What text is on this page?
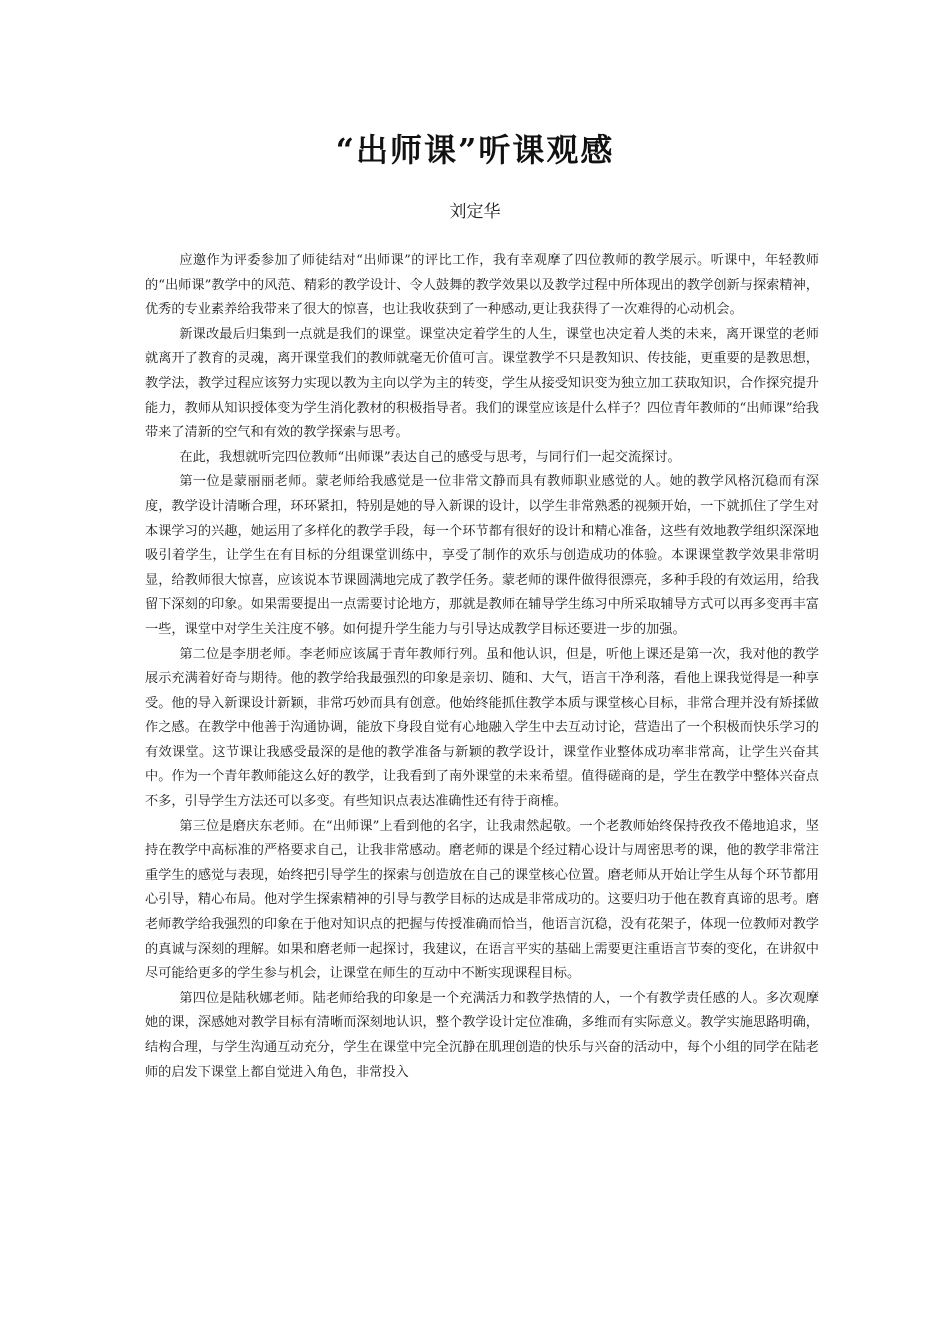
“出师课”听课观感
刘定华

应邀作为评委参加了师徒结对“出师课”的评比工作，我有幸观摩了四位教师的教学展示。听课中，年轻教师的“出师课”教学中的风范、精彩的教学设计、令人鼓舞的教学效果以及教学过程中所体现出的教学创新与探索精神，优秀的专业素养给我带来了很大的惊喜，也让我收获到了一种感动,更让我获得了一次难得的心动机会。

新课改最后归集到一点就是我们的课堂。课堂决定着学生的人生，课堂也决定着人类的未来，离开课堂的老师就离开了教育的灵魂，离开课堂我们的教师就毫无价值可言。课堂教学不只是教知识、传技能，更重要的是教思想，教学法，教学过程应该努力实现以教为主向以学为主的转变，学生从接受知识变为独立加工获取知识，合作探究提升能力，教师从知识授体变为学生消化教材的积极指导者。我们的课堂应该是什么样子？四位青年教师的“出师课”给我带来了清新的空气和有效的教学探索与思考。

在此，我想就听完四位教师“出师课”表达自己的感受与思考，与同行们一起交流探讨。

第一位是蒙丽丽老师。蒙老师给我感觉是一位非常文静而具有教师职业感觉的人。她的教学风格沉稳而有深度，教学设计清晰合理，环环紧扣，特别是她的导入新课的设计，以学生非常熟悉的视频开始，一下就抓住了学生对本课学习的兴趣，她运用了多样化的教学手段，每一个环节都有很好的设计和精心准备，这些有效地教学组织深深地吸引着学生，让学生在有目标的分组课堂训练中，享受了制作的欢乐与创造成功的体验。本课课堂教学效果非常明显，给教师很大惊喜，应该说本节课圆满地完成了教学任务。蒙老师的课件做得很漂亮，多种手段的有效运用，给我留下深刻的印象。如果需要提出一点需要讨论地方，那就是教师在辅导学生练习中所采取辅导方式可以再多变再丰富一些，课堂中对学生关注度不够。如何提升学生能力与引导达成教学目标还要进一步的加强。

第二位是李朋老师。李老师应该属于青年教师行列。虽和他认识，但是，听他上课还是第一次，我对他的教学展示充满着好奇与期待。他的教学给我最强烈的印象是亲切、随和、大气，语言干净利落，看他上课我觉得是一种享受。他的导入新课设计新颖，非常巧妙而具有创意。他始终能抓住教学本质与课堂核心目标，非常合理并没有矫揉做作之感。在教学中他善于沟通协调，能放下身段自觉有心地融入学生中去互动讨论，营造出了一个积极而快乐学习的有效课堂。这节课让我感受最深的是他的教学准备与新颖的教学设计，课堂作业整体成功率非常高，让学生兴奋其中。作为一个青年教师能这么好的教学，让我看到了南外课堂的未来希望。值得磋商的是，学生在教学中整体兴奋点不多，引导学生方法还可以多变。有些知识点表达准确性还有待于商榷。

第三位是磨庆东老师。在“出师课”上看到他的名字，让我肃然起敬。一个老教师始终保持孜孜不倦地追求，坚持在教学中高标准的严格要求自己，让我非常感动。磨老师的课是个经过精心设计与周密思考的课，他的教学非常注重学生的感觉与表现，始终把引导学生的探索与创造放在自己的课堂核心位置。磨老师从开始让学生从每个环节都用心引导，精心布局。他对学生探索精神的引导与教学目标的达成是非常成功的。这要归功于他在教育真谛的思考。磨老师教学给我强烈的印象在于他对知识点的把握与传授准确而恰当，他语言沉稳，没有花架子，体现一位教师对教学的真诚与深刻的理解。如果和磨老师一起探讨，我建议，在语言平实的基础上需要更注重语言节奏的变化，在讲叙中尽可能给更多的学生参与机会，让课堂在师生的互动中不断实现课程目标。

第四位是陆秋娜老师。陆老师给我的印象是一个充满活力和教学热情的人，一个有教学责任感的人。多次观摩她的课，深感她对教学目标有清晰而深刻地认识，整个教学设计定位准确，多维而有实际意义。教学实施思路明确，结构合理，与学生沟通互动充分，学生在课堂中完全沉静在肌理创造的快乐与兴奋的活动中，每个小组的同学在陆老师的启发下课堂上都自觉进入角色，非常投入
